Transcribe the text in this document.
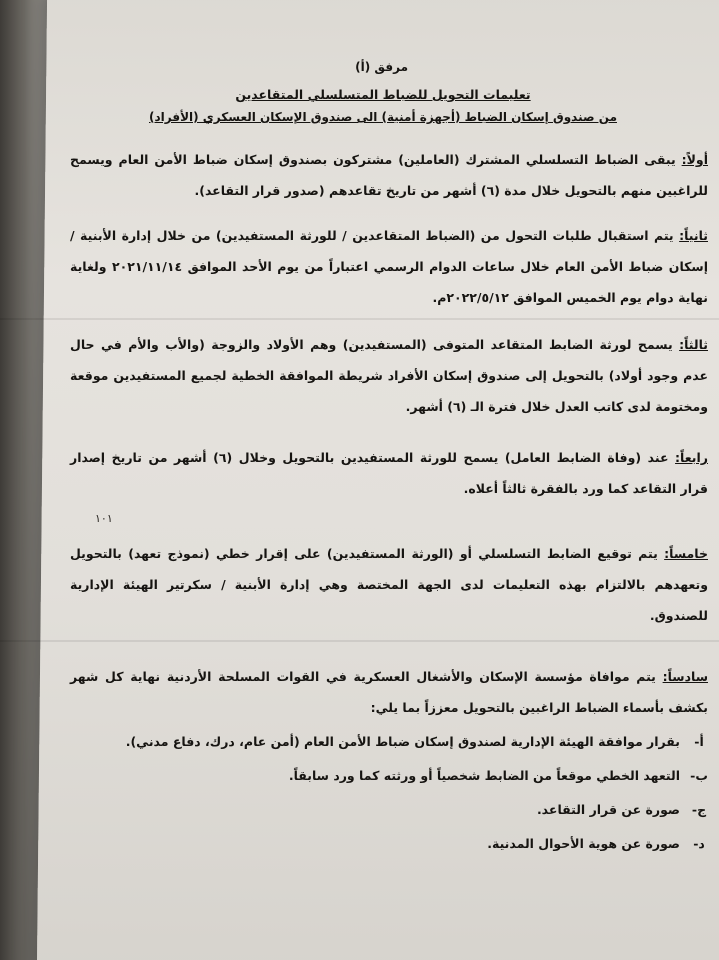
مرفق (أ)
تعليمات التحويل للضباط المتسلسلي المتقاعدين
من صندوق إسكان الضباط (أجهزة أمنية) الى صندوق الإسكان العسكري (الأفراد)
أولاً: يبقى الضباط التسلسلي المشترك (العاملين) مشتركون بصندوق إسكان ضباط الأمن العام ويسمح للراغبين منهم بالتحويل خلال مدة (٦) أشهر من تاريخ تقاعدهم (صدور قرار التقاعد).
ثانياً: يتم استقبال طلبات التحول من (الضباط المتقاعدين / للورثة المستفيدين) من خلال إدارة الأبنية /إسكان ضباط الأمن العام خلال ساعات الدوام الرسمي اعتباراً من يوم الأحد الموافق ٢٠٢١/١١/١٤ ولغاية نهاية دوام يوم الخميس الموافق ٢٠٢٢/٥/١٢م.
ثالثاً: يسمح لورثة الضابط المتقاعد المتوفى (المستفيدين) وهم الأولاد والزوجة (والأب والأم في حال عدم وجود أولاد) بالتحويل إلى صندوق إسكان الأفراد شريطة الموافقة الخطية لجميع المستفيدين موقعة ومختومة لدى كاتب العدل خلال فترة الـ (٦) أشهر.
رابعاً: عند (وفاة الضابط العامل) يسمح للورثة المستفيدين بالتحويل وخلال (٦) أشهر من تاريخ إصدار قرار التقاعد كما ورد بالفقرة ثالثاً أعلاه.
خامساً: يتم توقيع الضابط التسلسلي أو (الورثة المستفيدين) على إقرار خطي (نموذج تعهد) بالتحويل وتعهدهم بالالتزام بهذه التعليمات لدى الجهة المختصة وهي إدارة الأبنية / سكرتير الهيئة الإدارية للصندوق.
سادساً: يتم موافاة مؤسسة الإسكان والأشغال العسكرية في القوات المسلحة الأردنية نهاية كل شهر بكشف بأسماء الضباط الراغبين بالتحويل معززاً بما يلي:
أ-
بقرار موافقة الهيئة الإدارية لصندوق إسكان ضباط الأمن العام (أمن عام، درك، دفاع مدني).
ب-
التعهد الخطي موقعاً من الضابط شخصياً أو ورثته كما ورد سابقاً.
ج-
صورة عن قرار التقاعد.
د-
صورة عن هوية الأحوال المدنية.
١٠١
